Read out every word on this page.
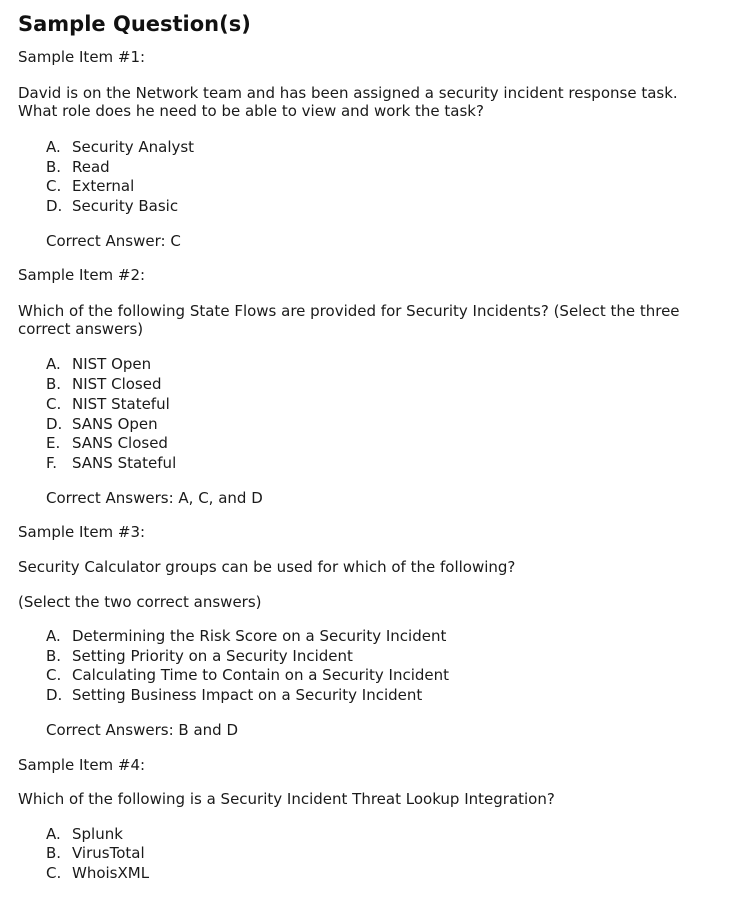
Sample Question(s)
Sample Item #1:
David is on the Network team and has been assigned a security incident response task.
What role does he need to be able to view and work the task?
A. Security Analyst
B. Read
C. External
D. Security Basic
Correct Answer: C
Sample Item #2:
Which of the following State Flows are provided for Security Incidents? (Select the three
correct answers)
A. NIST Open
B. NIST Closed
C. NIST Stateful
D. SANS Open
E. SANS Closed
F. SANS Stateful
Correct Answers: A, C, and D
Sample Item #3:
Security Calculator groups can be used for which of the following?
(Select the two correct answers)
A. Determining the Risk Score on a Security Incident
B. Setting Priority on a Security Incident
C. Calculating Time to Contain on a Security Incident
D. Setting Business Impact on a Security Incident
Correct Answers: B and D
Sample Item #4:
Which of the following is a Security Incident Threat Lookup Integration?
A. Splunk
B. VirusTotal
C. WhoisXML
